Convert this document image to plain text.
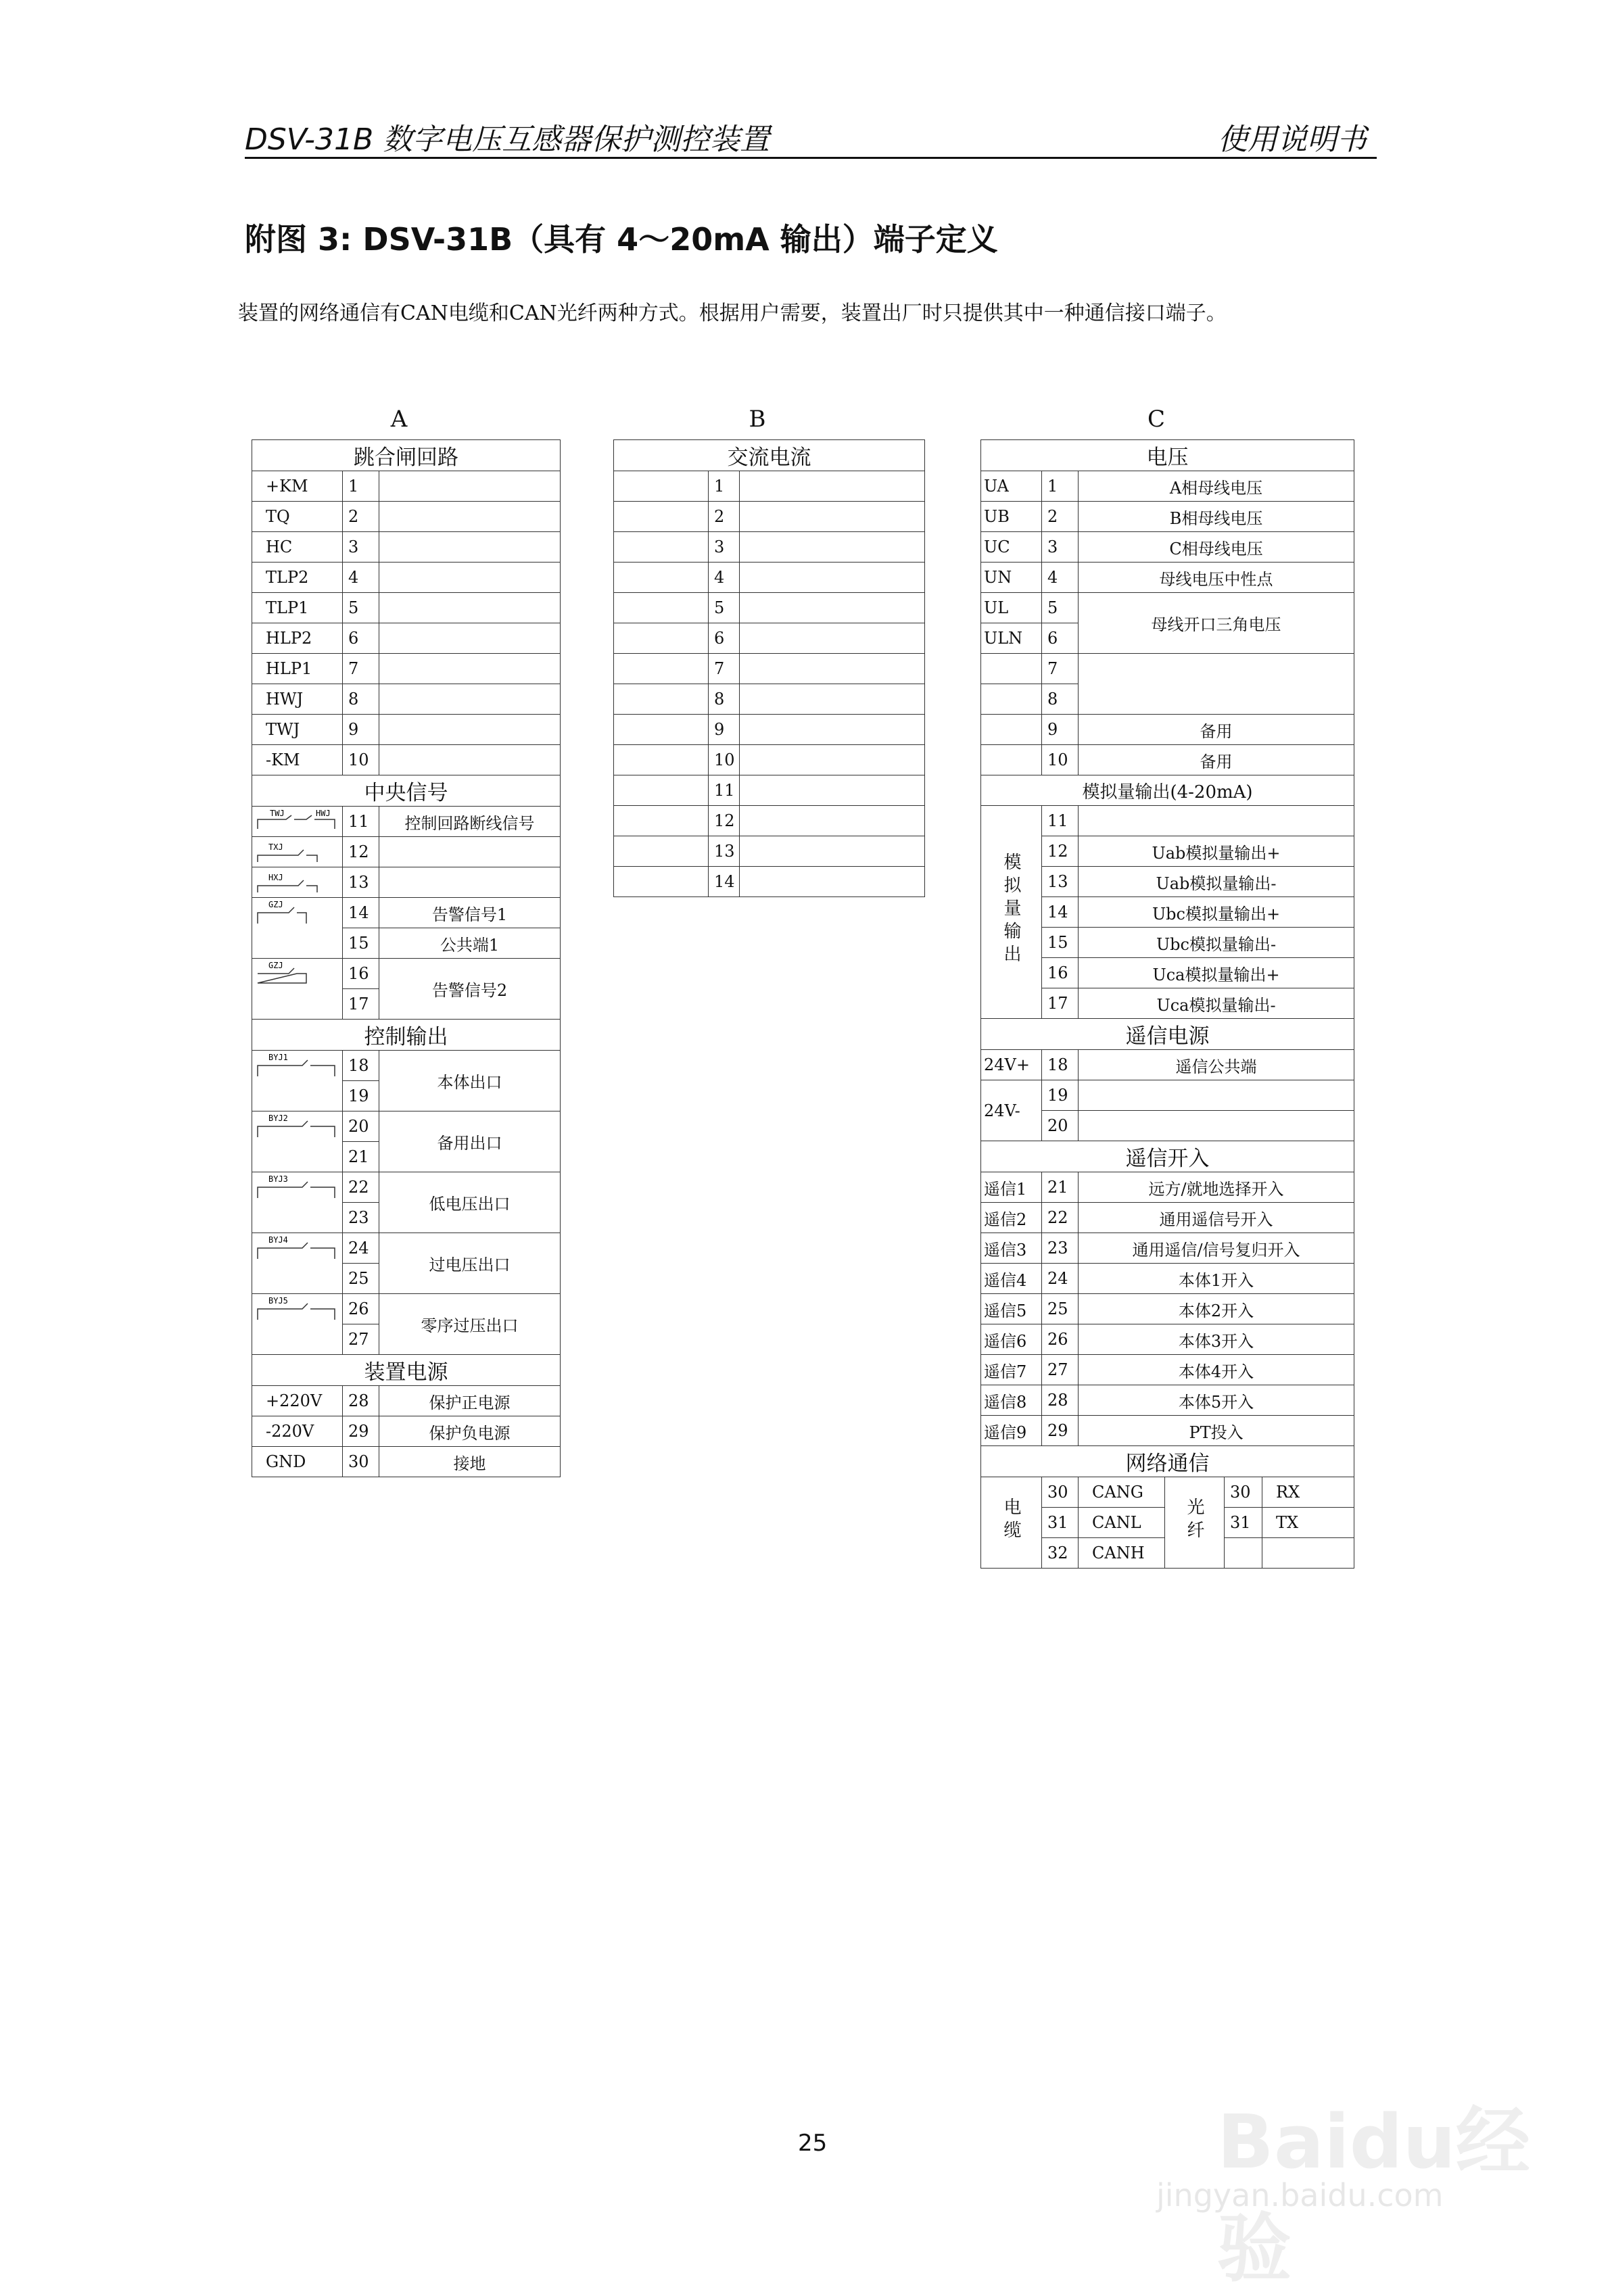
DSV-31B 数字电压互感器保护测控装置	使用说明书
附图 3: DSV-31B（具有 4～20mA 输出）端子定义
装置的网络通信有CAN电缆和CAN光纤两种方式。根据用户需要，装置出厂时只提供其中一种通信接口端子。
A	B	C
跳合闸回路		
+KM	1	
TQ	2	
HC	3	
TLP2	4	
TLP1	5	
HLP2	6	
HLP1	7	
HWJ	8	
TWJ	9	
-KM	10	
中央信号		

TWJ HWJ	11	控制回路断线信号

TXJ	12	

HXJ	13	

GZJ	14	告警信号1
	15	公共端1

GZJ	16	告警信号2
	17	
控制输出		

BYJ1	18	本体出口
	19	

BYJ2	20	备用出口
	21	

BYJ3	22	低电压出口
	23	

BYJ4	24	过电压出口
	25	

BYJ5	26	零序过压出口
	27	
装置电源		
+220V	28	保护正电源
-220V	29	保护负电源
GND	30	接地
交流电流		
	1	
	2	
	3	
	4	
	5	
	6	
	7	
	8	
	9	
	10	
	11	
	12	
	13	
	14	
电压					
UA	1	A相母线电压			
UB	2	B相母线电压			
UC	3	C相母线电压			
UN	4	母线电压中性点			
UL	5	母线开口三角电压			
ULN	6				
	7				
	8				
	9	备用			
	10	备用			
模拟量输出(4-20mA)					
模拟量输出	11				
	12	Uab模拟量输出+			
	13	Uab模拟量输出-			
	14	Ubc模拟量输出+			
	15	Ubc模拟量输出-			
	16	Uca模拟量输出+			
	17	Uca模拟量输出-			
遥信电源					
24V+	18	遥信公共端			
24V-	19				
	20				
遥信开入					
遥信1	21	远方/就地选择开入			
遥信2	22	通用遥信号开入			
遥信3	23	通用遥信/信号复归开入			
遥信4	24	本体1开入			
遥信5	25	本体2开入			
遥信6	26	本体3开入			
遥信7	27	本体4开入			
遥信8	28	本体5开入			
遥信9	29	PT投入			
网络通信					
电缆	30	CANG	光纤	30	RX
	31	CANL		31	TX
	32	CANH			
25	Baidu经验
jingyan.baidu.com
